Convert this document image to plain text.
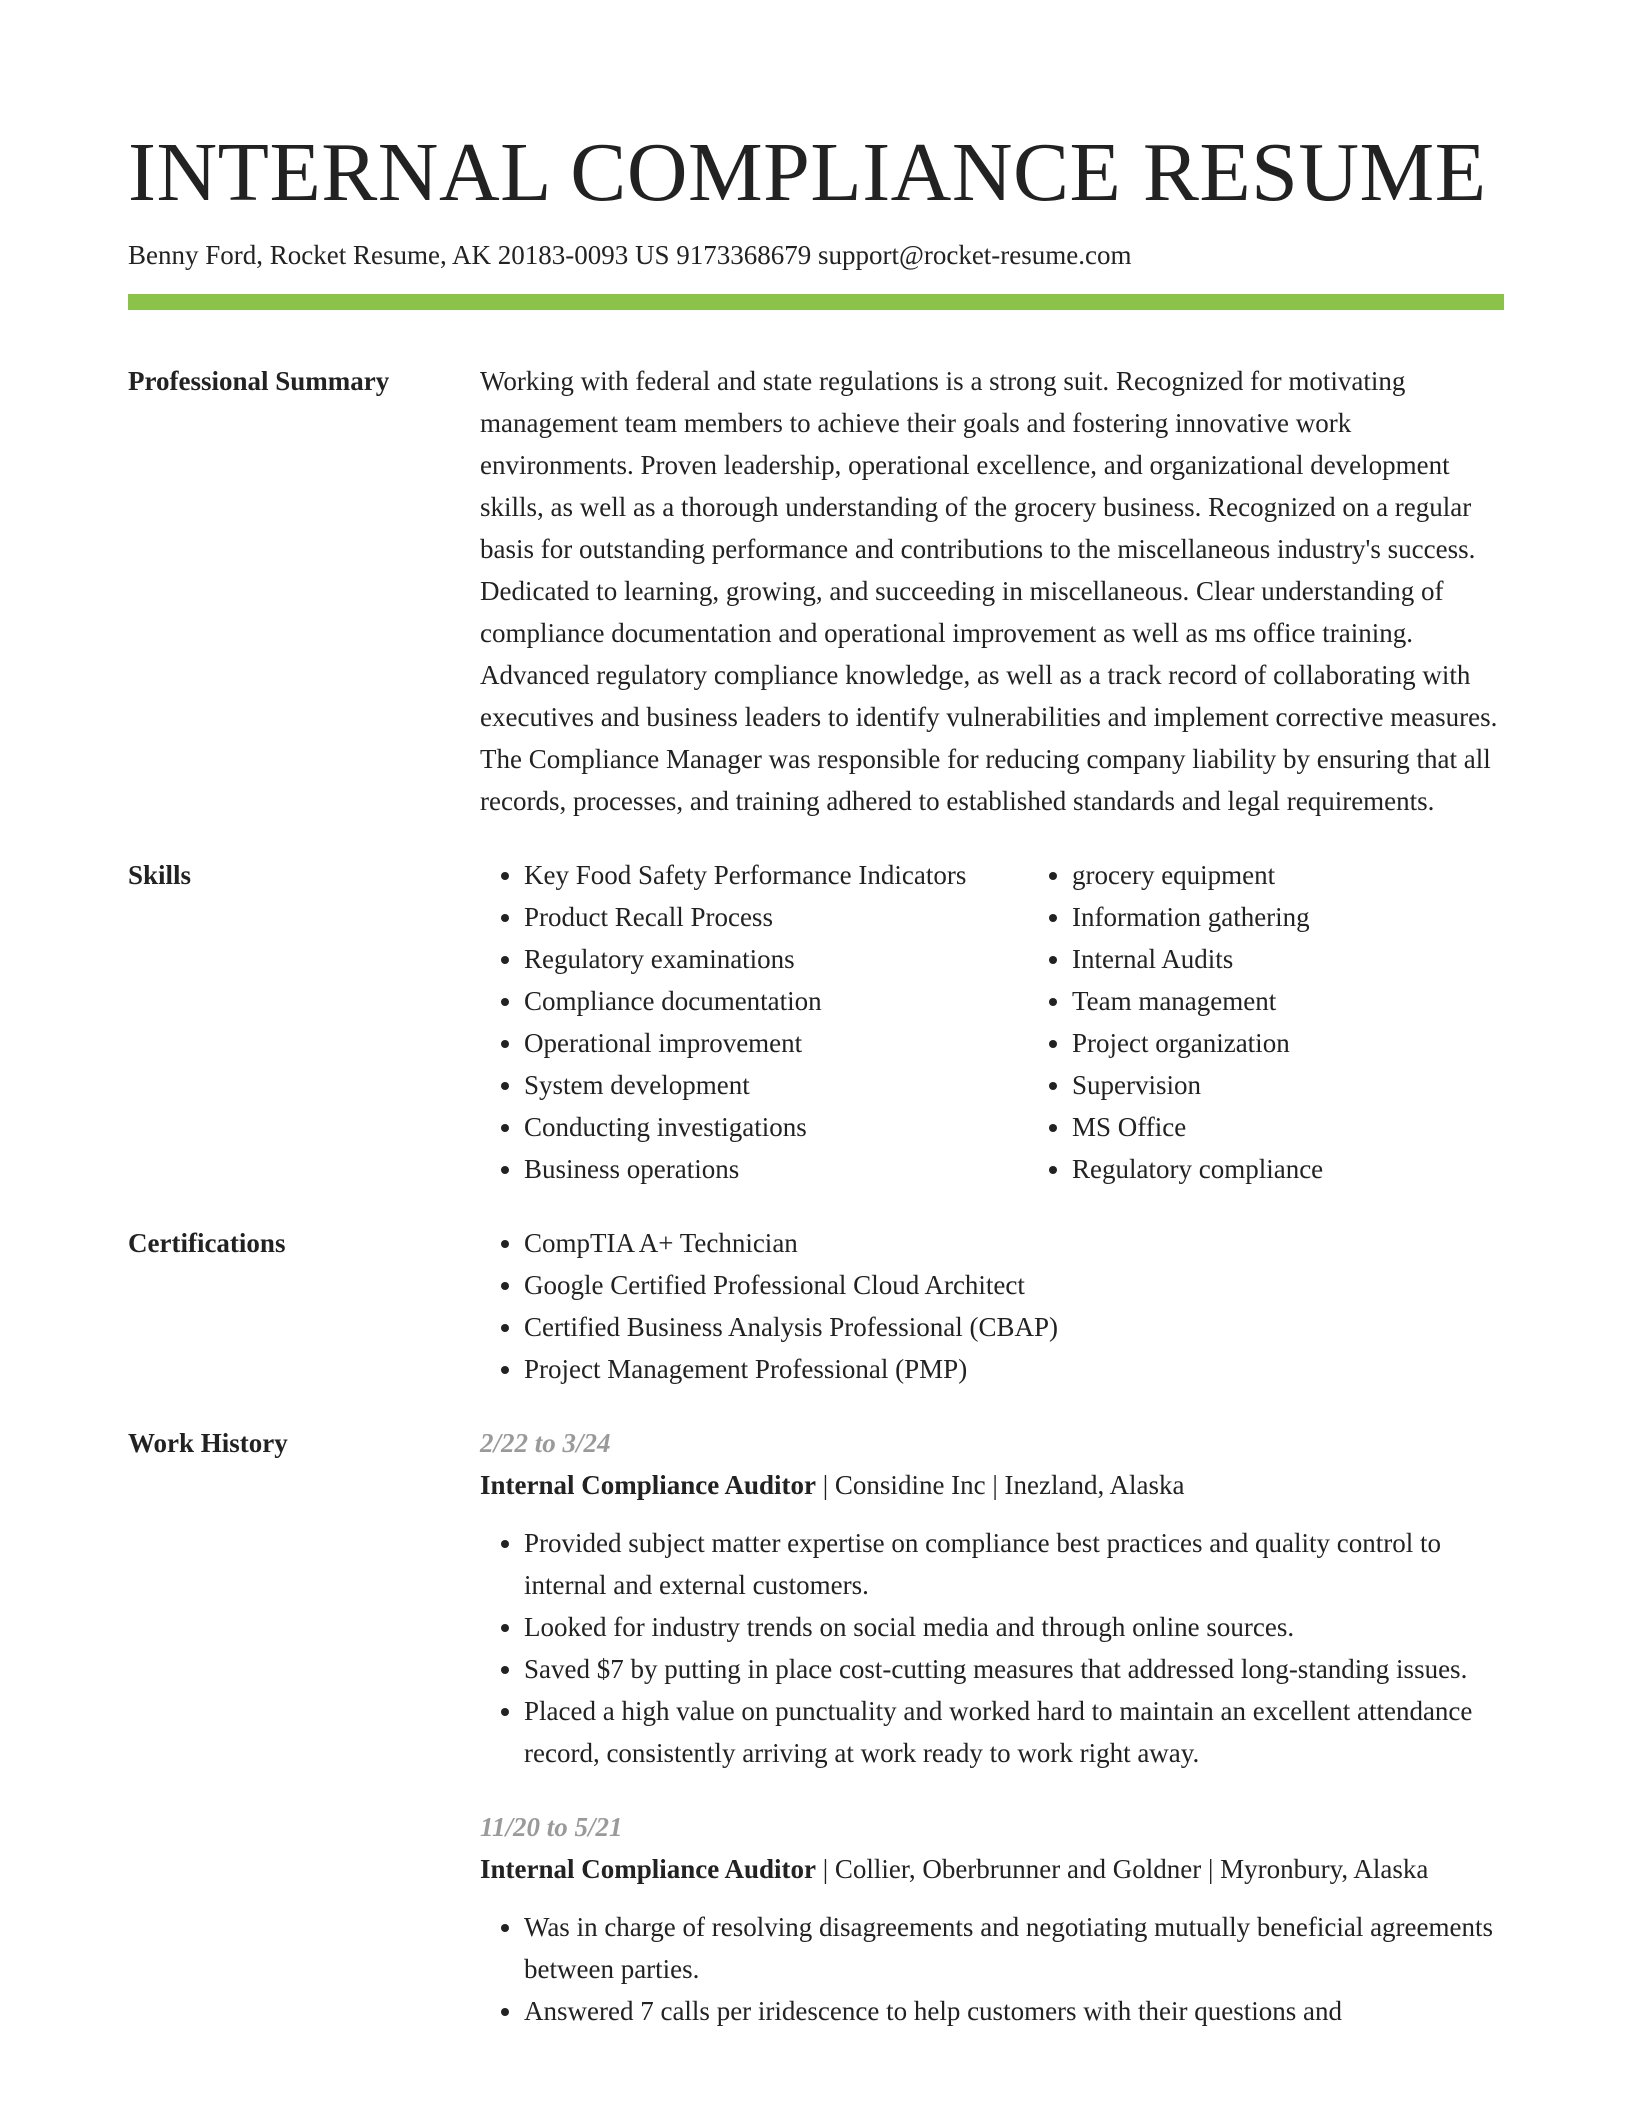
INTERNAL COMPLIANCE RESUME
Benny Ford, Rocket Resume, AK 20183-0093 US 9173368679 support@rocket-resume.com
Professional Summary	Working with federal and state regulations is a strong suit. Recognized for motivating management team members to achieve their goals and fostering innovative work environments. Proven leadership, operational excellence, and organizational development skills, as well as a thorough understanding of the grocery business. Recognized on a regular basis for outstanding performance and contributions to the miscellaneous industry's success. Dedicated to learning, growing, and succeeding in miscellaneous. Clear understanding of compliance documentation and operational improvement as well as ms office training. Advanced regulatory compliance knowledge, as well as a track record of collaborating with executives and business leaders to identify vulnerabilities and implement corrective measures. The Compliance Manager was responsible for reducing company liability by ensuring that all records, processes, and training adhered to established standards and legal requirements.

Skills	• Key Food Safety Performance Indicators
• Product Recall Process
• Regulatory examinations
• Compliance documentation
• Operational improvement
• System development
• Conducting investigations
• Business operations
• grocery equipment
• Information gathering
• Internal Audits
• Team management
• Project organization
• Supervision
• MS Office
• Regulatory compliance
Certifications	• CompTIA A+ Technician
• Google Certified Professional Cloud Architect
• Certified Business Analysis Professional (CBAP)
• Project Management Professional (PMP)
Work History	2/22 to 3/24
Internal Compliance Auditor | Considine Inc | Inezland, Alaska
• Provided subject matter expertise on compliance best practices and quality control to internal and external customers.
• Looked for industry trends on social media and through online sources.
• Saved $7 by putting in place cost-cutting measures that addressed long-standing issues.
• Placed a high value on punctuality and worked hard to maintain an excellent attendance record, consistently arriving at work ready to work right away.
11/20 to 5/21
Internal Compliance Auditor | Collier, Oberbrunner and Goldner | Myronbury, Alaska
• Was in charge of resolving disagreements and negotiating mutually beneficial agreements between parties.
• Answered 7 calls per iridescence to help customers with their questions and
